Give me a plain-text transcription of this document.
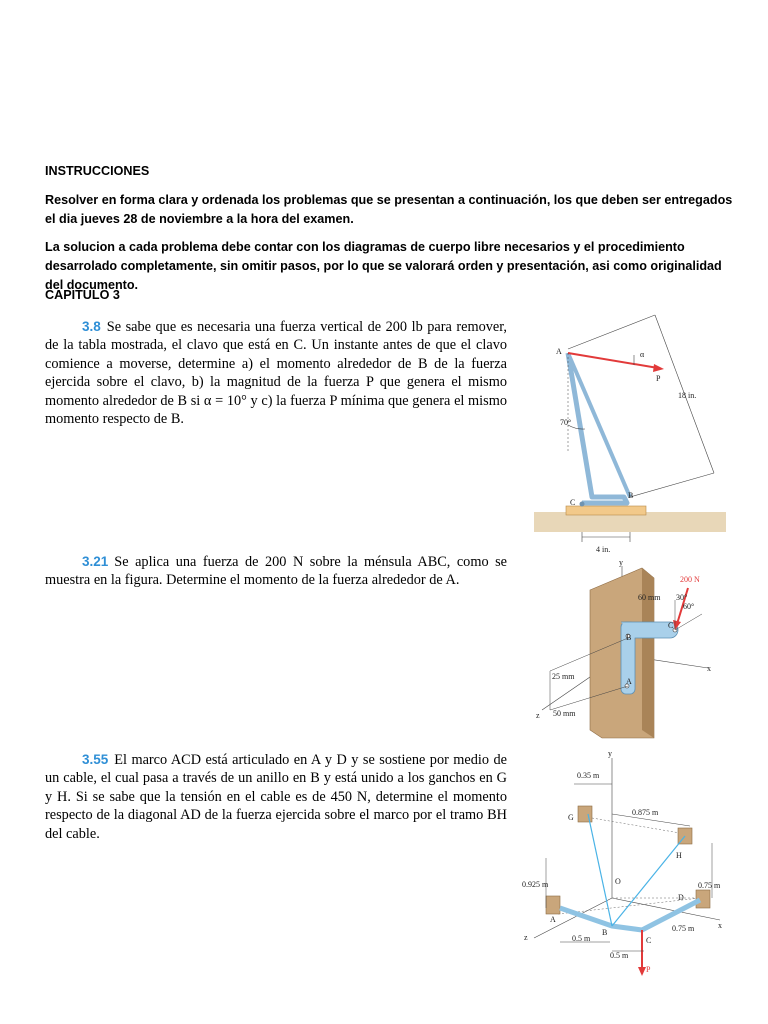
INSTRUCCIONES
Resolver en forma clara y ordenada los problemas que se presentan a continuación, los que deben ser entregados el dia jueves 28 de noviembre a la hora del examen.
La solucion a cada problema debe contar con los diagramas de cuerpo libre necesarios y el procedimiento desarrolado completamente, sin omitir pasos, por lo que se valorará orden y presentación, asi como originalidad del documento.
CAPITULO 3
3.8 Se sabe que es necesaria una fuerza vertical de 200 lb para remover, de la tabla mostrada, el clavo que está en C. Un instante antes de que el clavo comience a moverse, determine a) el momento alrededor de B de la fuerza ejercida sobre el clavo, b) la magnitud de la fuerza P que genera el mismo momento alrededor de B si α = 10° y c) la fuerza P mínima que genera el mismo momento respecto de B.
A	α
P
18 in.
70°
C
B
4 in.
3.21 Se aplica una fuerza de 200 N sobre la ménsula ABC, como se muestra en la figura. Determine el momento de la fuerza alrededor de A.
y
200 N
30°
60°
60 mm
C
B
A
25 mm
50 mm
x
z
3.55 El marco ACD está articulado en A y D y se sostiene por medio de un cable, el cual pasa a través de un anillo en B y está unido a los ganchos en G y H. Si se sabe que la tensión en el cable es de 450 N, determine el momento respecto de la diagonal AD de la fuerza ejercida sobre el marco por el tramo BH del cable.
y
0.35 m
G
0.875 m
H
0.925 m	O	0.75 m
A
D
0.75 m	x
z
B
C
0.5 m
0.5 m
P
